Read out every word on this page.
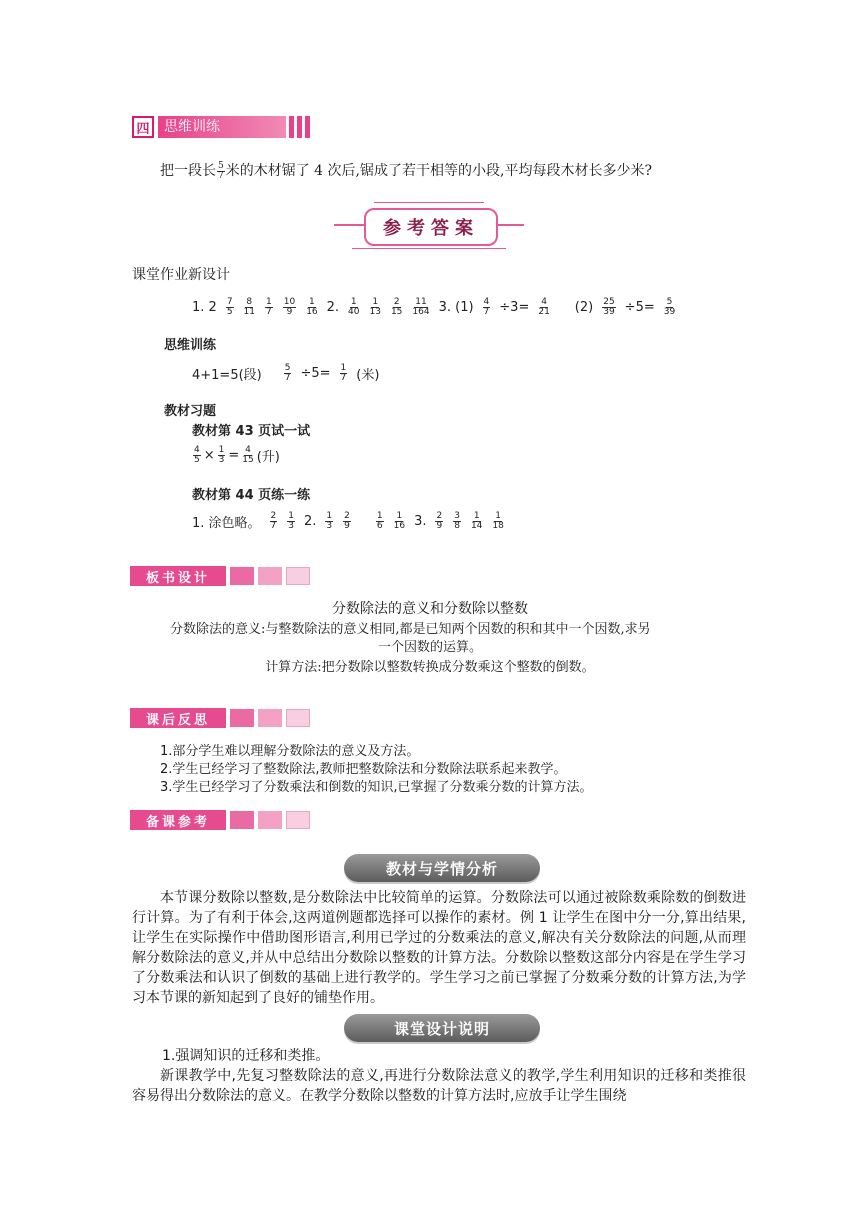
四	思维训练
把一段长 $\frac{5}{7}$ 米的木材锯了 4 次后,锯成了若干相等的小段,平均每段木材长多少米?
参考答案
课堂作业新设计
1. $2 \frac{7}{5} \frac{8}{11} \frac{1}{7} \frac{10}{9} \frac{1}{16} 2$. $\frac{1}{40} \frac{1}{13} \frac{2}{15} \frac{11}{164} 3$. $(1) \frac{4}{7} \div 3= \frac{4}{21} (2) \frac{25}{39} \div 5= \frac{5}{39}$
思维训练
4+1=5(段) $\frac{5}{7} \div 5= \frac{1}{7}$ (米)
教材习题
教材第 43 页试一试
$\frac{4}{5} \times \frac{1}{3} = \frac{4}{15}$ (升)
教材第 44 页练一练
1. 涂色略。 $\frac{2}{7} \frac{1}{3} 2$. $\frac{1}{3} \frac{2}{9}$	$\frac{1}{6} \frac{1}{16} 3$. $\frac{2}{9} \frac{3}{8} \frac{1}{14} \frac{1}{18}$
板书设计
分数除法的意义和分数除以整数
分数除法的意义:与整数除法的意义相同,都是已知两个因数的积和其中一个因数,求另
一个因数的运算。
计算方法:把分数除以整数转换成分数乘这个整数的倒数。
课后反思
1.部分学生难以理解分数除法的意义及方法。
2.学生已经学习了整数除法,教师把整数除法和分数除法联系起来教学。
3.学生已经学习了分数乘法和倒数的知识,已掌握了分数乘分数的计算方法。
备课参考
教材与学情分析
本节课分数除以整数,是分数除法中比较简单的运算。分数除法可以通过被除数乘除数的倒数进行计算。为了有利于体会,这两道例题都选择可以操作的素材。例 1 让学生在图中分一分,算出结果,让学生在实际操作中借助图形语言,利用已学过的分数乘法的意义,解决有关分数除法的问题,从而理解分数除法的意义,并从中总结出分数除以整数的计算方法。分数除以整数这部分内容是在学生学习了分数乘法和认识了倒数的基础上进行教学的。学生学习之前已掌握了分数乘分数的计算方法,为学习本节课的新知起到了良好的铺垫作用。
课堂设计说明
1.强调知识的迁移和类推。
新课教学中,先复习整数除法的意义,再进行分数除法意义的教学,学生利用知识的迁移和类推很容易得出分数除法的意义。在教学分数除以整数的计算方法时,应放手让学生围绕
